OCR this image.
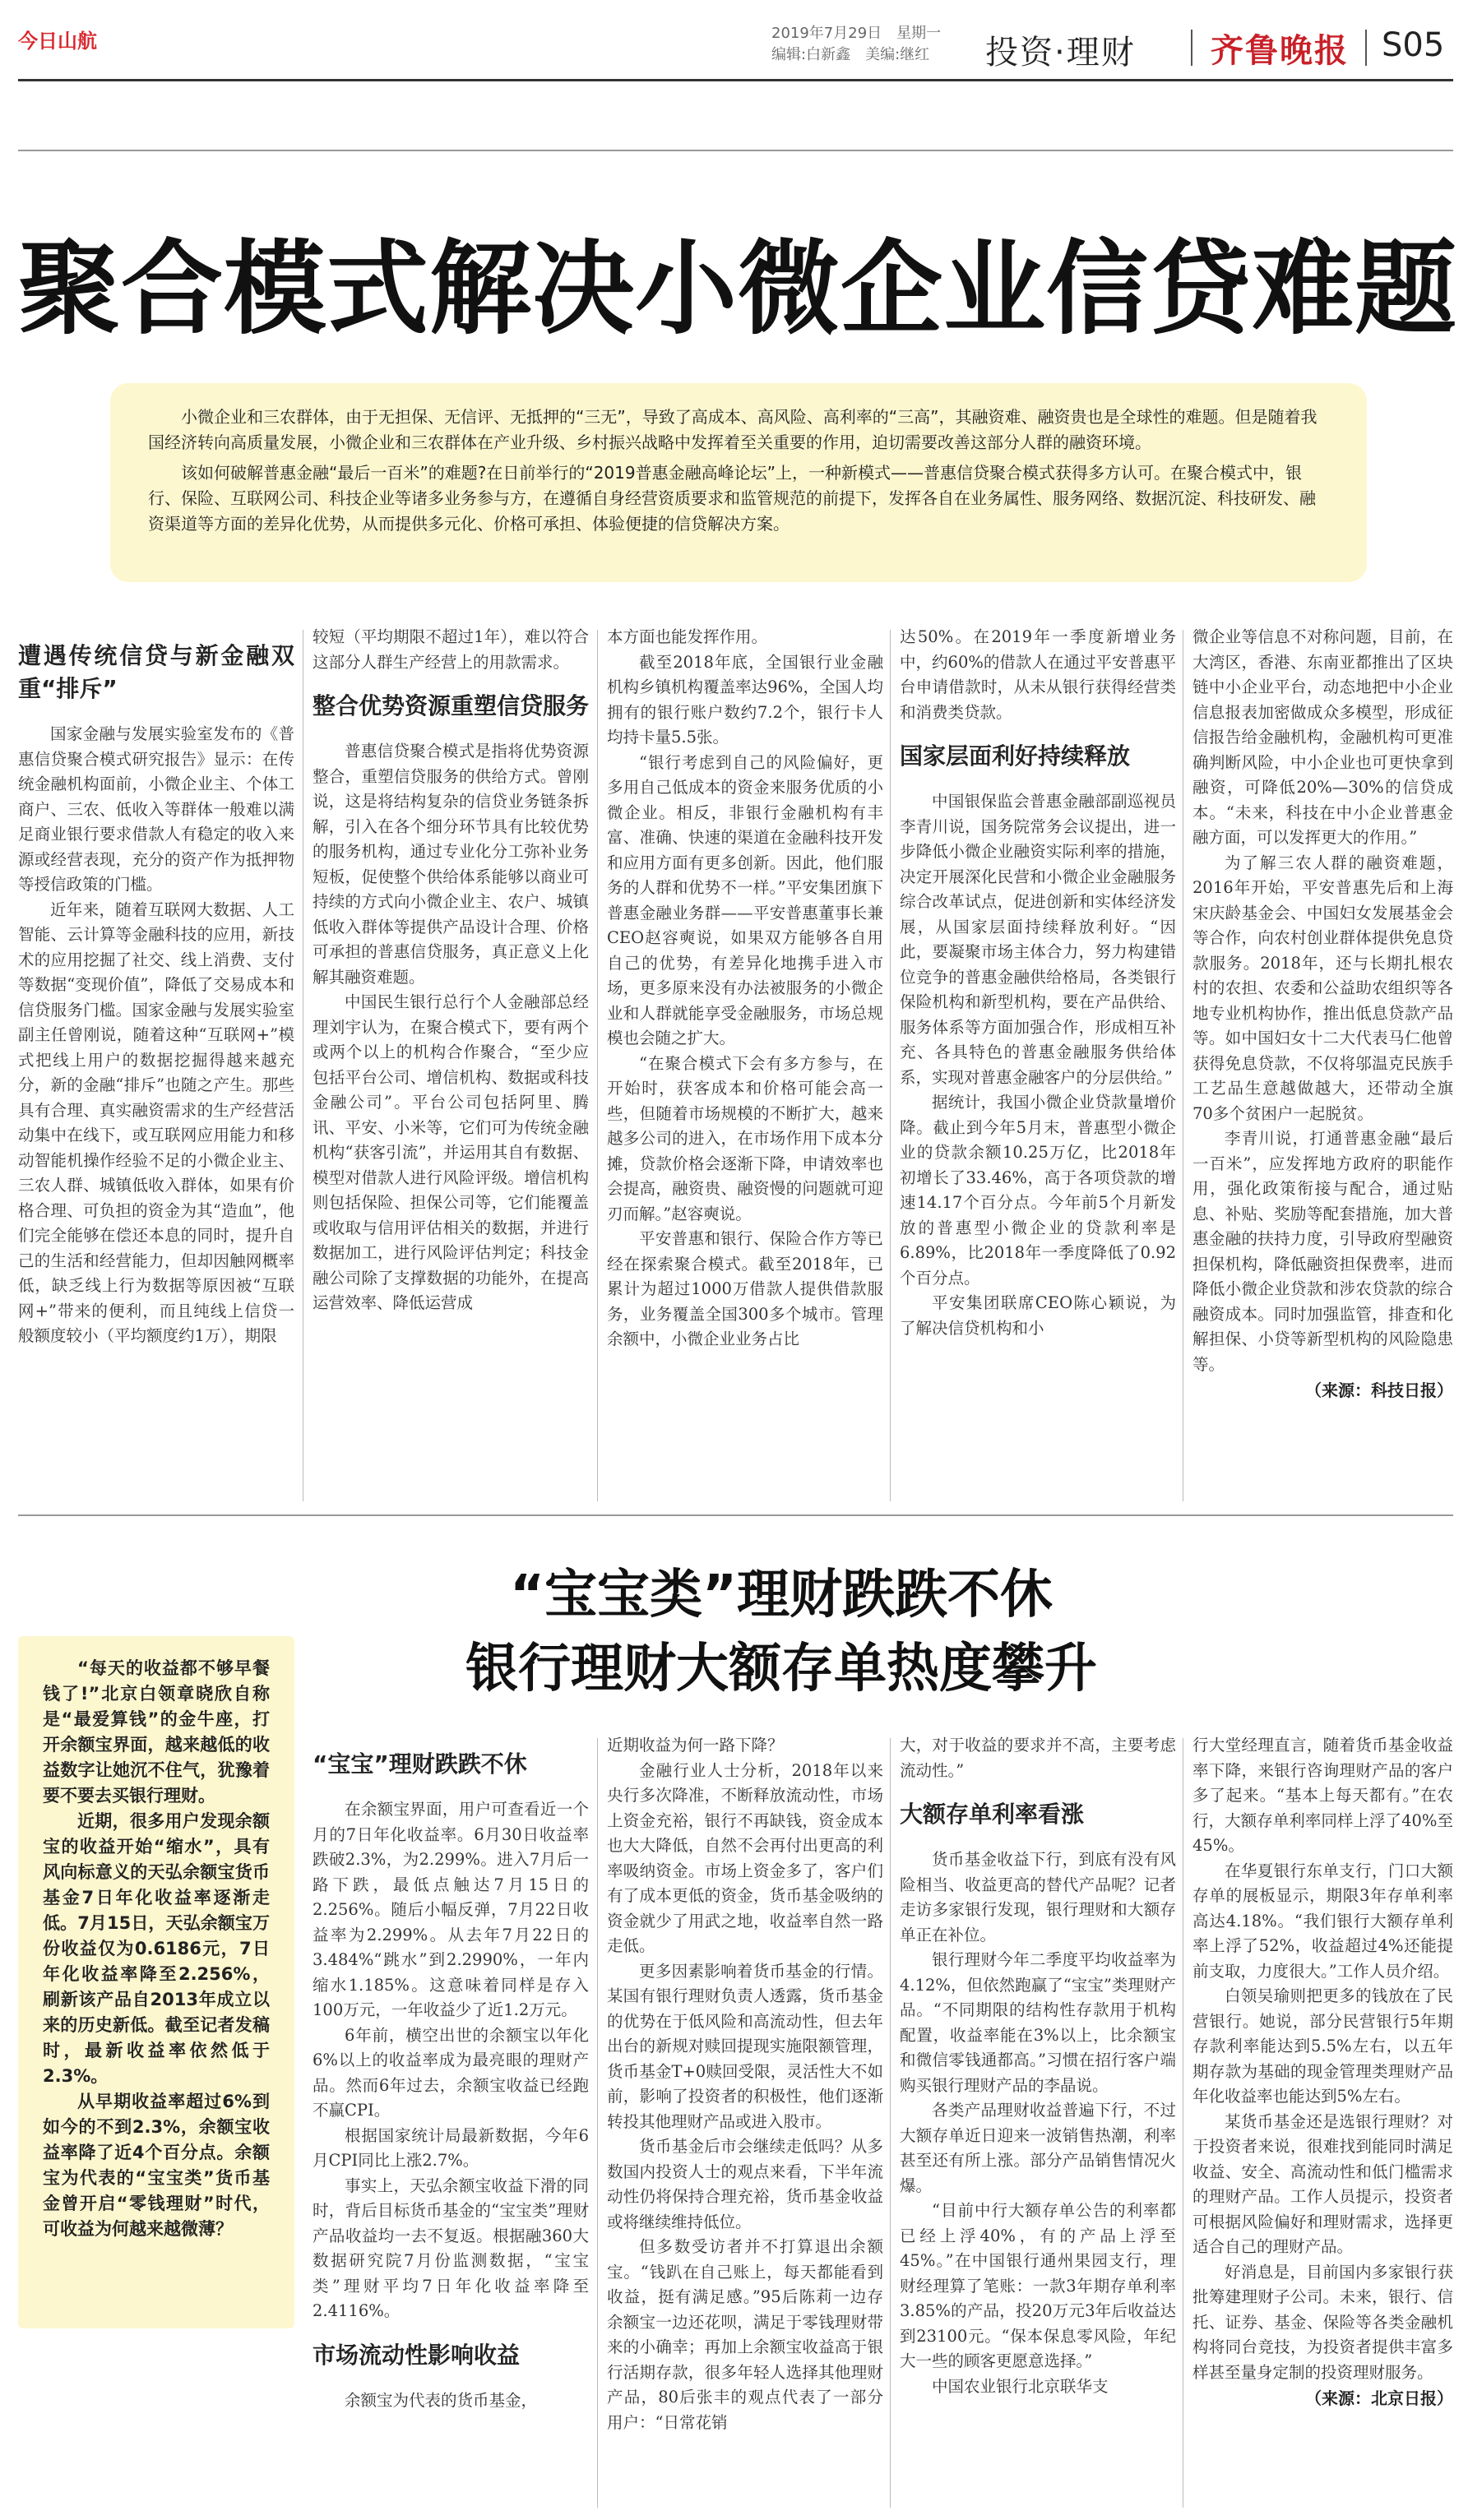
今日山航	2019年7月29日　星期一
编辑:白新鑫　美编:继红	投资·理财 齐鲁晚报 S05
聚合模式解决小微企业信贷难题

小微企业和三农群体，由于无担保、无信评、无抵押的“三无”，导致了高成本、高风险、高利率的“三高”，其融资难、融资贵也是全球性的难题。但是随着我国经济转向高质量发展，小微企业和三农群体在产业升级、乡村振兴战略中发挥着至关重要的作用，迫切需要改善这部分人群的融资环境。

该如何破解普惠金融“最后一百米”的难题?在日前举行的“2019普惠金融高峰论坛”上，一种新模式——普惠信贷聚合模式获得多方认可。在聚合模式中，银行、保险、互联网公司、科技企业等诸多业务参与方，在遵循自身经营资质要求和监管规范的前提下，发挥各自在业务属性、服务网络、数据沉淀、科技研发、融资渠道等方面的差异化优势，从而提供多元化、价格可承担、体验便捷的信贷解决方案。

遭遇传统信贷与新金融双重“排斥”

国家金融与发展实验室发布的《普惠信贷聚合模式研究报告》显示：在传统金融机构面前，小微企业主、个体工商户、三农、低收入等群体一般难以满足商业银行要求借款人有稳定的收入来源或经营表现，充分的资产作为抵押物等授信政策的门槛。

近年来，随着互联网大数据、人工智能、云计算等金融科技的应用，新技术的应用挖掘了社交、线上消费、支付等数据“变现价值”，降低了交易成本和信贷服务门槛。国家金融与发展实验室副主任曾刚说，随着这种“互联网+”模式把线上用户的数据挖掘得越来越充分，新的金融“排斥”也随之产生。那些具有合理、真实融资需求的生产经营活动集中在线下，或互联网应用能力和移动智能机操作经验不足的小微企业主、三农人群、城镇低收入群体，如果有价格合理、可负担的资金为其“造血”，他们完全能够在偿还本息的同时，提升自己的生活和经营能力，但却因触网概率低，缺乏线上行为数据等原因被“互联网+”带来的便利，而且纯线上信贷一般额度较小（平均额度约1万），期限

较短（平均期限不超过1年），难以符合这部分人群生产经营上的用款需求。

整合优势资源重塑信贷服务

普惠信贷聚合模式是指将优势资源整合，重塑信贷服务的供给方式。曾刚说，这是将结构复杂的信贷业务链条拆解，引入在各个细分环节具有比较优势的服务机构，通过专业化分工弥补业务短板，促使整个供给体系能够以商业可持续的方式向小微企业主、农户、城镇低收入群体等提供产品设计合理、价格可承担的普惠信贷服务，真正意义上化解其融资难题。

中国民生银行总行个人金融部总经理刘宇认为，在聚合模式下，要有两个或两个以上的机构合作聚合，“至少应包括平台公司、增信机构、数据或科技金融公司”。平台公司包括阿里、腾讯、平安、小米等，它们可为传统金融机构“获客引流”，并运用其自有数据、模型对借款人进行风险评级。增信机构则包括保险、担保公司等，它们能覆盖或收取与信用评估相关的数据，并进行数据加工，进行风险评估判定；科技金融公司除了支撑数据的功能外，在提高运营效率、降低运营成

本方面也能发挥作用。

截至2018年底，全国银行业金融机构乡镇机构覆盖率达96%，全国人均拥有的银行账户数约7.2个，银行卡人均持卡量5.5张。

“银行考虑到自己的风险偏好，更多用自己低成本的资金来服务优质的小微企业。相反，非银行金融机构有丰富、准确、快速的渠道在金融科技开发和应用方面有更多创新。因此，他们服务的人群和优势不一样。”平安集团旗下普惠金融业务群——平安普惠董事长兼CEO赵容奭说，如果双方能够各自用自己的优势，有差异化地携手进入市场，更多原来没有办法被服务的小微企业和人群就能享受金融服务，市场总规模也会随之扩大。

“在聚合模式下会有多方参与，在开始时，获客成本和价格可能会高一些，但随着市场规模的不断扩大，越来越多公司的进入，在市场作用下成本分摊，贷款价格会逐渐下降，申请效率也会提高，融资贵、融资慢的问题就可迎刃而解。”赵容奭说。

平安普惠和银行、保险合作方等已经在探索聚合模式。截至2018年，已累计为超过1000万借款人提供借款服务，业务覆盖全国300多个城市。管理余额中，小微企业业务占比

达50%。在2019年一季度新增业务中，约60%的借款人在通过平安普惠平台申请借款时，从未从银行获得经营类和消费类贷款。

国家层面利好持续释放

中国银保监会普惠金融部副巡视员李青川说，国务院常务会议提出，进一步降低小微企业融资实际利率的措施，决定开展深化民营和小微企业金融服务综合改革试点，促进创新和实体经济发展，从国家层面持续释放利好。“因此，要凝聚市场主体合力，努力构建错位竞争的普惠金融供给格局，各类银行保险机构和新型机构，要在产品供给、服务体系等方面加强合作，形成相互补充、各具特色的普惠金融服务供给体系，实现对普惠金融客户的分层供给。”

据统计，我国小微企业贷款量增价降。截止到今年5月末，普惠型小微企业的贷款余额10.25万亿，比2018年初增长了33.46%，高于各项贷款的增速14.17个百分点。今年前5个月新发放的普惠型小微企业的贷款利率是6.89%，比2018年一季度降低了0.92个百分点。

平安集团联席CEO陈心颖说，为了解决信贷机构和小

微企业等信息不对称问题，目前，在大湾区，香港、东南亚都推出了区块链中小企业平台，动态地把中小企业信息报表加密做成众多模型，形成征信报告给金融机构，金融机构可更准确判断风险，中小企业也可更快拿到融资，可降低20%—30%的信贷成本。“未来，科技在中小企业普惠金融方面，可以发挥更大的作用。”

为了解三农人群的融资难题，2016年开始，平安普惠先后和上海宋庆龄基金会、中国妇女发展基金会等合作，向农村创业群体提供免息贷款服务。2018年，还与长期扎根农村的农担、农委和公益助农组织等各地专业机构协作，推出低息贷款产品等。如中国妇女十二大代表马仁他曾获得免息贷款，不仅将邬温克民族手工艺品生意越做越大，还带动全旗70多个贫困户一起脱贫。

李青川说，打通普惠金融“最后一百米”，应发挥地方政府的职能作用，强化政策衔接与配合，通过贴息、补贴、奖励等配套措施，加大普惠金融的扶持力度，引导政府型融资担保机构，降低融资担保费率，进而降低小微企业贷款和涉农贷款的综合融资成本。同时加强监管，排查和化解担保、小贷等新型机构的风险隐患等。

（来源：科技日报）
“宝宝类”理财跌跌不休
银行理财大额存单热度攀升

“每天的收益都不够早餐钱了!”北京白领章晓欣自称是“最爱算钱”的金牛座，打开余额宝界面，越来越低的收益数字让她沉不住气，犹豫着要不要去买银行理财。

近期，很多用户发现余额宝的收益开始“缩水”，具有风向标意义的天弘余额宝货币基金7日年化收益率逐渐走低。7月15日，天弘余额宝万份收益仅为0.6186元，7日年化收益率降至2.256%，刷新该产品自2013年成立以来的历史新低。截至记者发稿时，最新收益率依然低于2.3%。

从早期收益率超过6%到如今的不到2.3%，余额宝收益率降了近4个百分点。余额宝为代表的“宝宝类”货币基金曾开启“零钱理财”时代，可收益为何越来越微薄？

“宝宝”理财跌跌不休

在余额宝界面，用户可查看近一个月的7日年化收益率。6月30日收益率跌破2.3%，为2.299%。进入7月后一路下跌，最低点触达7月15日的2.256%。随后小幅反弹，7月22日收益率为2.299%。从去年7月22日的3.484%“跳水”到2.2990%，一年内缩水1.185%。这意味着同样是存入100万元，一年收益少了近1.2万元。

6年前，横空出世的余额宝以年化6%以上的收益率成为最亮眼的理财产品。然而6年过去，余额宝收益已经跑不赢CPI。

根据国家统计局最新数据，今年6月CPI同比上涨2.7%。

事实上，天弘余额宝收益下滑的同时，背后目标货币基金的“宝宝类”理财产品收益均一去不复返。根据融360大数据研究院7月份监测数据，“宝宝类”理财平均7日年化收益率降至2.4116%。

市场流动性影响收益

余额宝为代表的货币基金，

近期收益为何一路下降？

金融行业人士分析，2018年以来央行多次降准，不断释放流动性，市场上资金充裕，银行不再缺钱，资金成本也大大降低，自然不会再付出更高的利率吸纳资金。市场上资金多了，客户们有了成本更低的资金，货币基金吸纳的资金就少了用武之地，收益率自然一路走低。

更多因素影响着货币基金的行情。某国有银行理财负责人透露，货币基金的优势在于低风险和高流动性，但去年出台的新规对赎回提现实施限额管理，货币基金T+0赎回受限，灵活性大不如前，影响了投资者的积极性，他们逐渐转投其他理财产品或进入股市。

货币基金后市会继续走低吗？从多数国内投资人士的观点来看，下半年流动性仍将保持合理充裕，货币基金收益或将继续维持低位。

但多数受访者并不打算退出余额宝。“钱趴在自己账上，每天都能看到收益，挺有满足感。”95后陈莉一边存余额宝一边还花呗，满足于零钱理财带来的小确幸；再加上余额宝收益高于银行活期存款，很多年轻人选择其他理财产品，80后张丰的观点代表了一部分用户：“日常花销

大，对于收益的要求并不高，主要考虑流动性。”

大额存单利率看涨

货币基金收益下行，到底有没有风险相当、收益更高的替代产品呢？记者走访多家银行发现，银行理财和大额存单正在补位。

银行理财今年二季度平均收益率为4.12%，但依然跑赢了“宝宝”类理财产品。“不同期限的结构性存款用于机构配置，收益率能在3%以上，比余额宝和微信零钱通都高。”习惯在招行客户端购买银行理财产品的李晶说。

各类产品理财收益普遍下行，不过大额存单近日迎来一波销售热潮，利率甚至还有所上涨。部分产品销售情况火爆。

“目前中行大额存单公告的利率都已经上浮40%，有的产品上浮至45%。”在中国银行通州果园支行，理财经理算了笔账：一款3年期存单利率3.85%的产品，投20万元3年后收益达到23100元。“保本保息零风险，年纪大一些的顾客更愿意选择。”

中国农业银行北京联华支

行大堂经理直言，随着货币基金收益率下降，来银行咨询理财产品的客户多了起来。“基本上每天都有。”在农行，大额存单利率同样上浮了40%至45%。

在华夏银行东单支行，门口大额存单的展板显示，期限3年存单利率高达4.18%。“我们银行大额存单利率上浮了52%，收益超过4%还能提前支取，力度很大。”工作人员介绍。

白领吴瑜则把更多的钱放在了民营银行。她说，部分民营银行5年期存款利率能达到5.5%左右，以五年期存款为基础的现金管理类理财产品年化收益率也能达到5%左右。

某货币基金还是选银行理财？对于投资者来说，很难找到能同时满足收益、安全、高流动性和低门槛需求的理财产品。工作人员提示，投资者可根据风险偏好和理财需求，选择更适合自己的理财产品。

好消息是，目前国内多家银行获批筹建理财子公司。未来，银行、信托、证券、基金、保险等各类金融机构将同台竞技，为投资者提供丰富多样甚至量身定制的投资理财服务。

（来源：北京日报）
